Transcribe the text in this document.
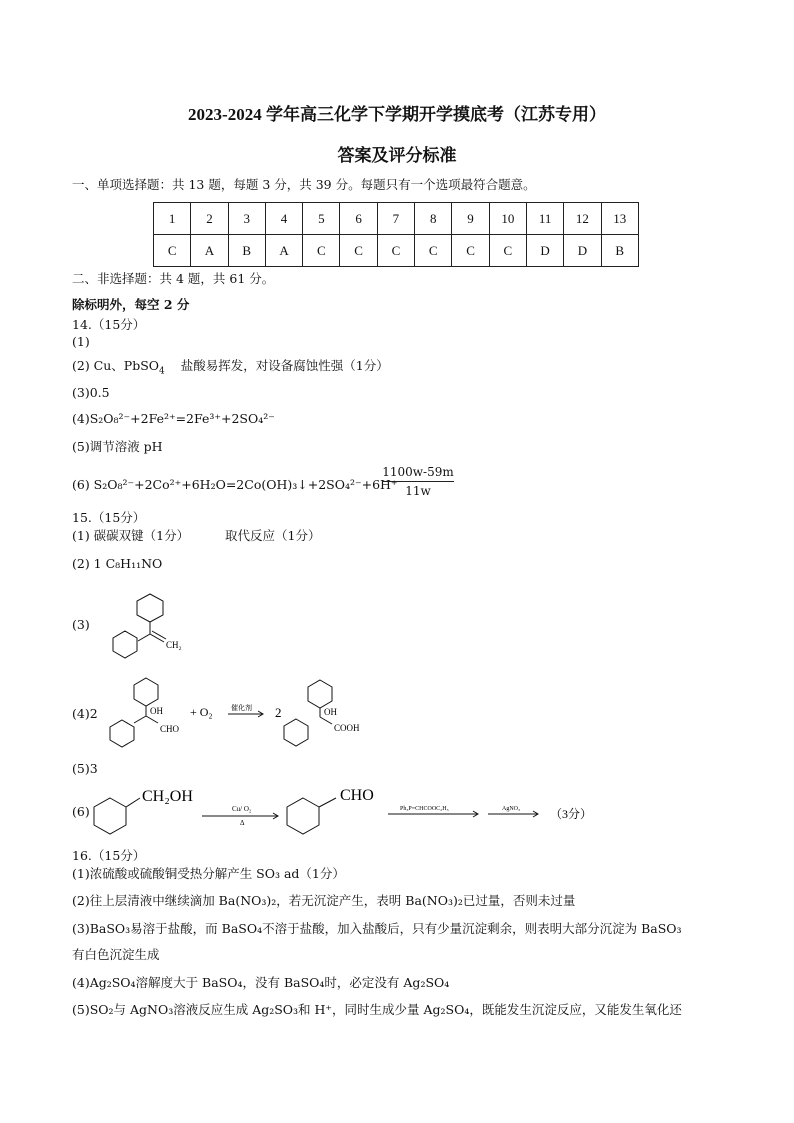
2023-2024 学年高三化学下学期开学摸底考（江苏专用）
答案及评分标准
一、单项选择题：共 13 题，每题 3 分，共 39 分。每题只有一个选项最符合题意。
1	2	3	4	5	6	7	8	9	10	11	12	13
C	A	B	A	C	C	C	C	C	C	D	D	B
二、非选择题：共 4 题，共 61 分。
除标明外，每空 2 分
14.（15分）
(1)
(2) Cu、PbSO$_4$ 盐酸易挥发，对设备腐蚀性强（1分）
(3)0.5
(4)S₂O₈²⁻+2Fe²⁺=2Fe³⁺+2SO₄²⁻
(5)调节溶液 pH
(6) S₂O₈²⁻+2Co²⁺+6H₂O=2Co(OH)₃↓+2SO₄²⁻+6H⁺
$\frac{1100w-59m}{11w}$
15.（15分）
(1) 碳碳双键（1分）	取代反应（1分）
(2) 1 C₈H₁₁NO
(3)
CH₂
(4)2	OH
CHO
+ O₂	催化剂 2	OH
COOH
(5)3
(6)
CH₂OH
Cu/ O₂
Δ
CHO
Ph₃P=CHCOOC₂H₅	AgNO₃ （3分）
16.（15分）
(1)浓硫酸或硫酸铜受热分解产生 SO₃ ad（1分）
(2)往上层清液中继续滴加 Ba(NO₃)₂，若无沉淀产生，表明 Ba(NO₃)₂已过量，否则未过量
(3)BaSO₃易溶于盐酸，而 BaSO₄不溶于盐酸，加入盐酸后，只有少量沉淀剩余，则表明大部分沉淀为 BaSO₃
有白色沉淀生成
(4)Ag₂SO₄溶解度大于 BaSO₄，没有 BaSO₄时，必定没有 Ag₂SO₄
(5)SO₂与 AgNO₃溶液反应生成 Ag₂SO₃和 H⁺，同时生成少量 Ag₂SO₄，既能发生沉淀反应，又能发生氧化还
